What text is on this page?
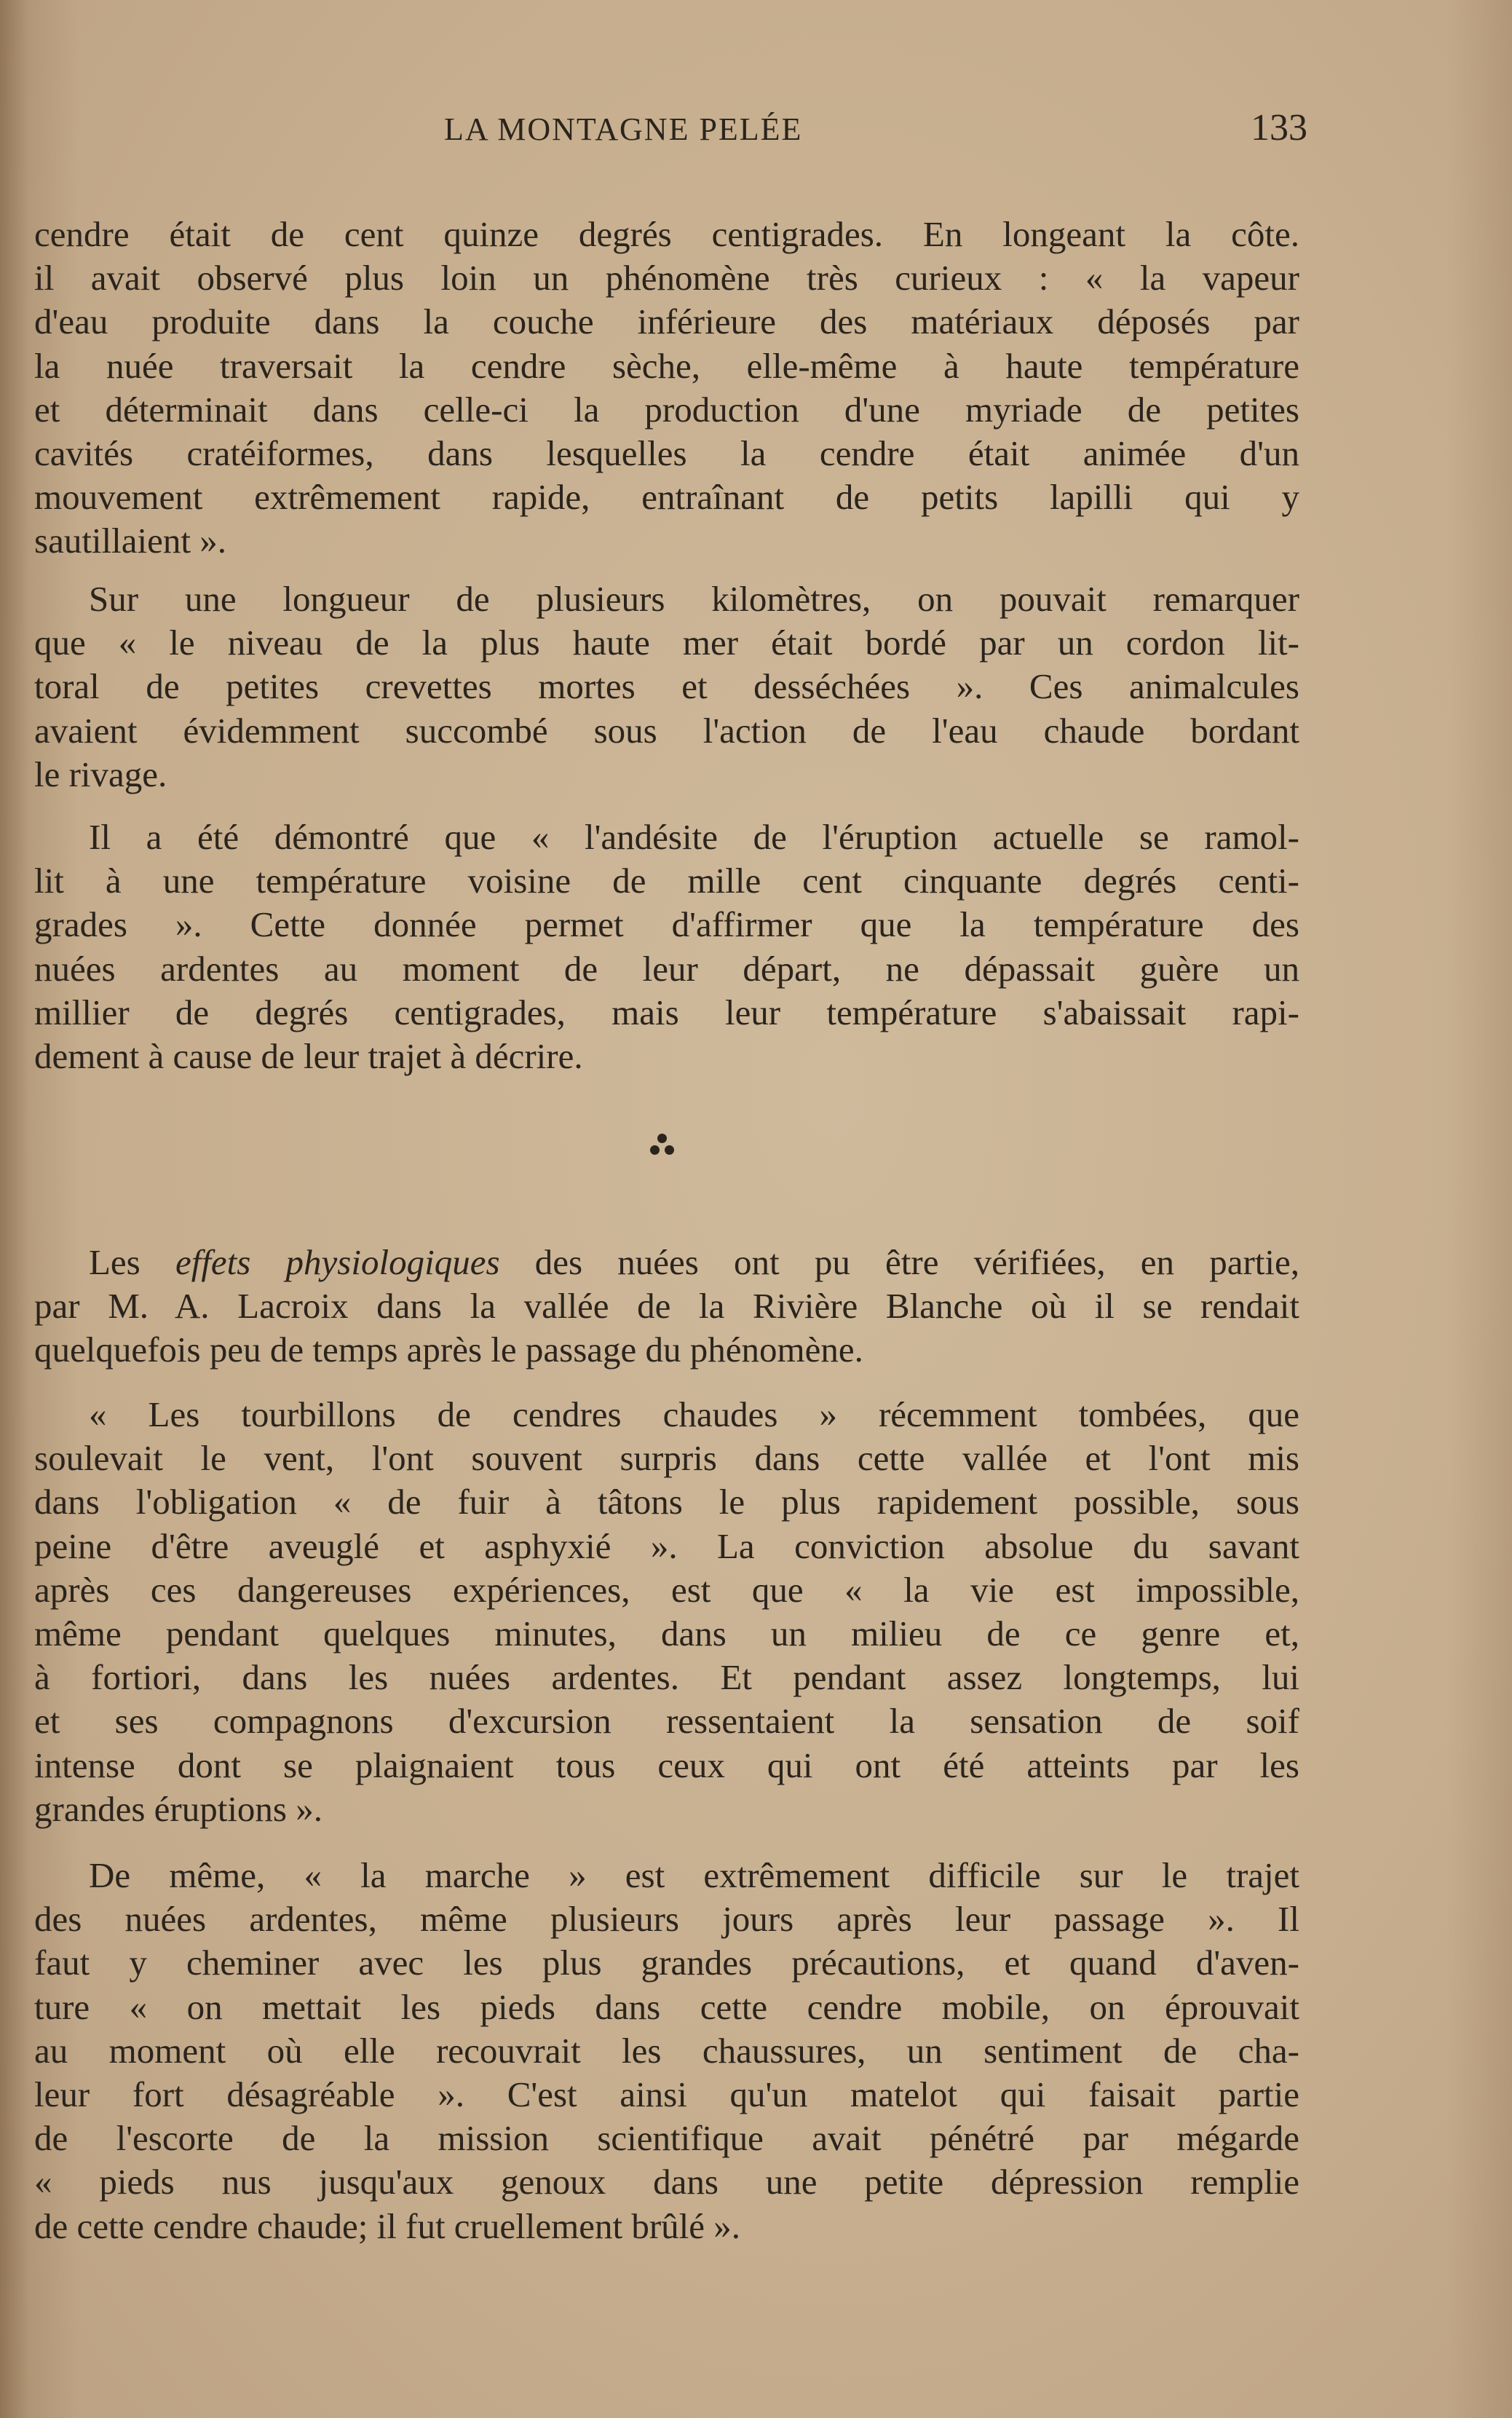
LA MONTAGNE PELÉE	133
cendre était de cent quinze degrés centigrades. En longeant la côte.
il avait observé plus loin un phénomène très curieux : « la vapeur
d'eau produite dans la couche inférieure des matériaux déposés par
la nuée traversait la cendre sèche, elle-même à haute température
et déterminait dans celle-ci la production d'une myriade de petites
cavités cratéiformes, dans lesquelles la cendre était animée d'un
mouvement extrêmement rapide, entraînant de petits lapilli qui y
sautillaient ».
Sur une longueur de plusieurs kilomètres, on pouvait remarquer
que « le niveau de la plus haute mer était bordé par un cordon lit-
toral de petites crevettes mortes et desséchées ». Ces animalcules
avaient évidemment succombé sous l'action de l'eau chaude bordant
le rivage.
Il a été démontré que « l'andésite de l'éruption actuelle se ramol-
lit à une température voisine de mille cent cinquante degrés centi-
grades ». Cette donnée permet d'affirmer que la température des
nuées ardentes au moment de leur départ, ne dépassait guère un
millier de degrés centigrades, mais leur température s'abaissait rapi-
dement à cause de leur trajet à décrire.
Les effets physiologiques des nuées ont pu être vérifiées, en partie,
par M. A. Lacroix dans la vallée de la Rivière Blanche où il se rendait
quelquefois peu de temps après le passage du phénomène.
« Les tourbillons de cendres chaudes » récemment tombées, que
soulevait le vent, l'ont souvent surpris dans cette vallée et l'ont mis
dans l'obligation « de fuir à tâtons le plus rapidement possible, sous
peine d'être aveuglé et asphyxié ». La conviction absolue du savant
après ces dangereuses expériences, est que « la vie est impossible,
même pendant quelques minutes, dans un milieu de ce genre et,
à fortiori, dans les nuées ardentes. Et pendant assez longtemps, lui
et ses compagnons d'excursion ressentaient la sensation de soif
intense dont se plaignaient tous ceux qui ont été atteints par les
grandes éruptions ».
De même, « la marche » est extrêmement difficile sur le trajet
des nuées ardentes, même plusieurs jours après leur passage ». Il
faut y cheminer avec les plus grandes précautions, et quand d'aven-
ture « on mettait les pieds dans cette cendre mobile, on éprouvait
au moment où elle recouvrait les chaussures, un sentiment de cha-
leur fort désagréable ». C'est ainsi qu'un matelot qui faisait partie
de l'escorte de la mission scientifique avait pénétré par mégarde
« pieds nus jusqu'aux genoux dans une petite dépression remplie
de cette cendre chaude; il fut cruellement brûlé ».
